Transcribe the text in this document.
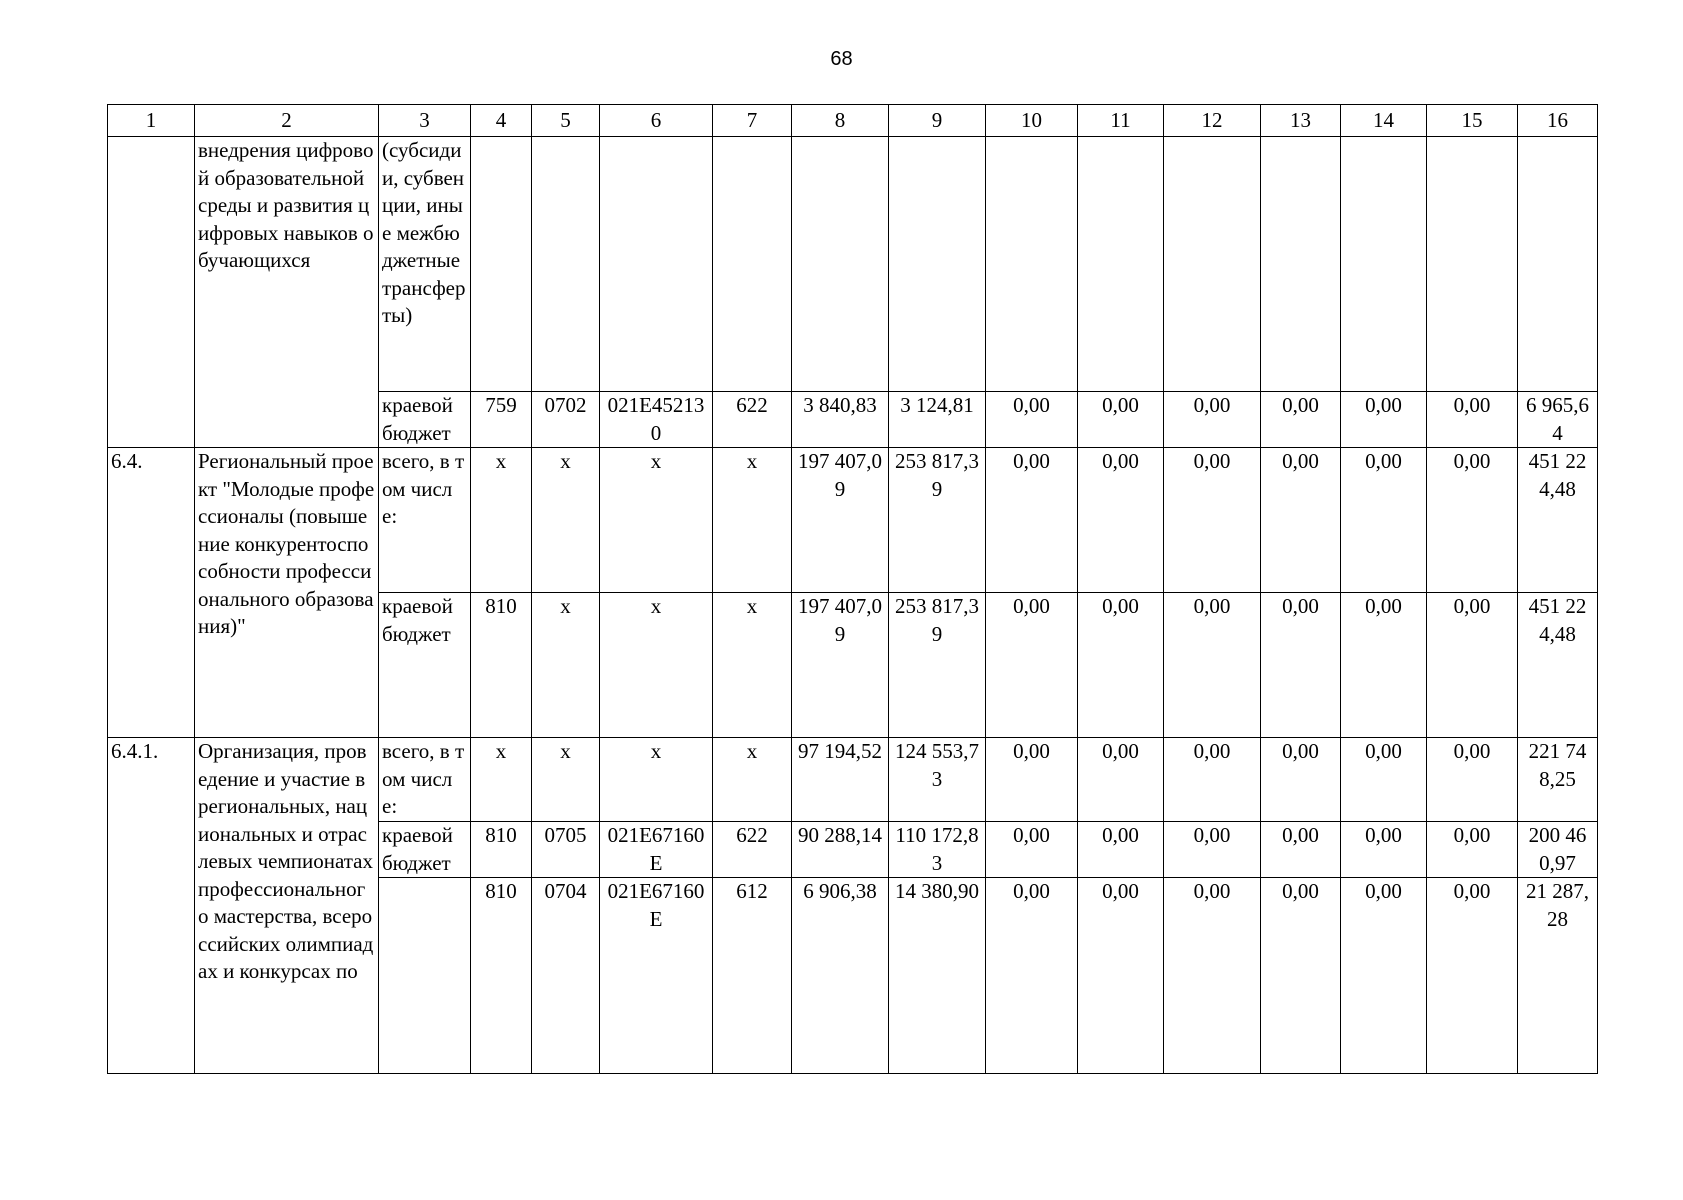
68
1	2	3	4	5	6	7	8	9	10	11	12	13	14	15	16
	внедрения цифровой образовательной среды и развития цифровых навыков обучающихся	(субсидии, субвенции, иные межбюджетные трансферты)													
		краевой бюджет	759	0702	021E452130	622	3 840,83	3 124,81	0,00	0,00	0,00	0,00	0,00	0,00	6 965,64
6.4.	Региональный проект "Молодые профессионалы (повышение конкурентоспособности профессионального образования)"	всего, в том числе:	x	x	x	x	197 407,09	253 817,39	0,00	0,00	0,00	0,00	0,00	0,00	451 224,48
		краевой бюджет	810	x	x	x	197 407,09	253 817,39	0,00	0,00	0,00	0,00	0,00	0,00	451 224,48
6.4.1.	Организация, проведение и участие в региональных, национальных и отраслевых чемпионатах профессионального мастерства, всероссийских олимпиадах и конкурсах по	всего, в том числе:	x	x	x	x	97 194,52	124 553,73	0,00	0,00	0,00	0,00	0,00	0,00	221 748,25
		краевой бюджет	810	0705	021E67160E	622	90 288,14	110 172,83	0,00	0,00	0,00	0,00	0,00	0,00	200 460,97
			810	0704	021E67160E	612	6 906,38	14 380,90	0,00	0,00	0,00	0,00	0,00	0,00	21 287,28
